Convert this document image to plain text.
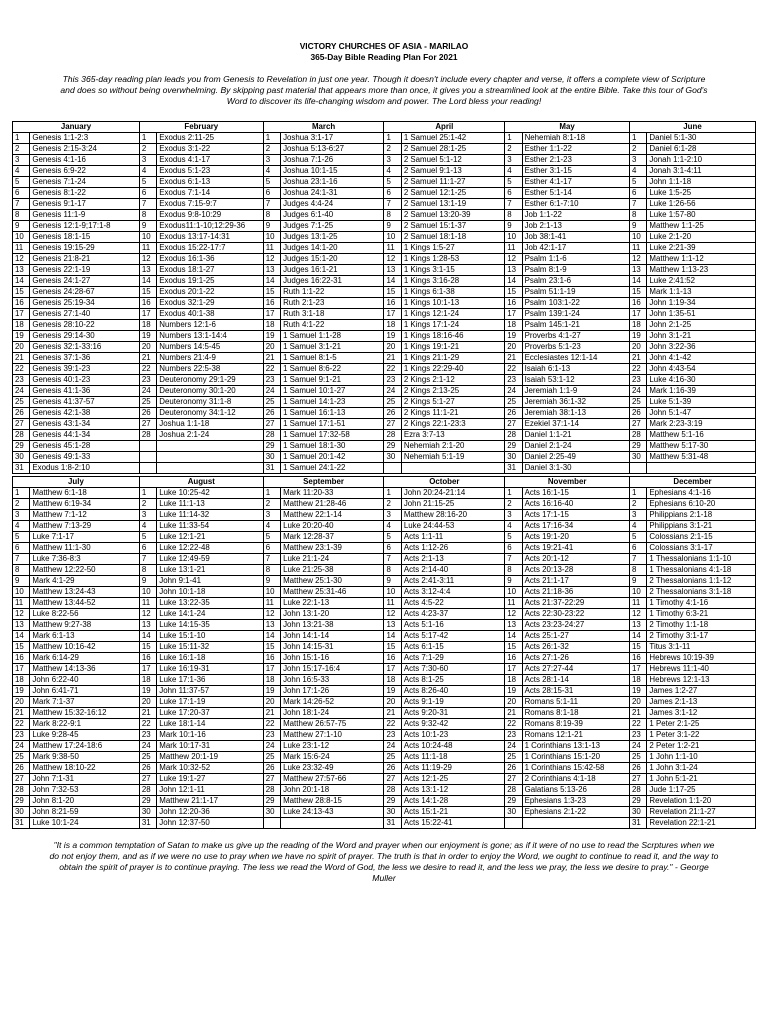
VICTORY CHURCHES OF ASIA - MARILAO
365-Day Bible Reading Plan For 2021
This 365-day reading plan leads you from Genesis to Revelation in just one year. Though it doesn't include every chapter and verse, it offers a complete view of Scripture and does so without being overwhelming. By skipping past material that appears more than once, it gives you a streamlined look at the entire Bible. Take this tour of God's Word to discover its life-changing wisdom and power. The Lord bless your reading!
January		February		March		April		May		June	
1	Genesis 1:1-2:3	1	Exodus 2:11-25	1	Joshua 3:1-17	1	1 Samuel 25:1-42	1	Nehemiah 8:1-18	1	Daniel 5:1-30
2	Genesis 2:15-3:24	2	Exodus 3:1-22	2	Joshua 5:13-6:27	2	2 Samuel 28:1-25	2	Esther 1:1-22	2	Daniel 6:1-28
3	Genesis 4:1-16	3	Exodus 4:1-17	3	Joshua 7:1-26	3	2 Samuel 5:1-12	3	Esther 2:1-23	3	Jonah 1:1-2:10
4	Genesis 6:9-22	4	Exodus 5:1-23	4	Joshua 10:1-15	4	2 Samuel 9:1-13	4	Esther 3:1-15	4	Jonah 3:1-4:11
5	Genesis 7:1-24	5	Exodus 6:1-13	5	Joshua 23:1-16	5	2 Samuel 11:1-27	5	Esther 4:1-17	5	John 1:1-18
6	Genesis 8:1-22	6	Exodus 7:1-14	6	Joshua 24:1-31	6	2 Samuel 12:1-25	6	Esther 5:1-14	6	Luke 1:5-25
7	Genesis 9:1-17	7	Exodus 7:15-9:7	7	Judges 4:4-24	7	2 Samuel 13:1-19	7	Esther 6:1-7:10	7	Luke 1:26-56
8	Genesis 11:1-9	8	Exodus 9:8-10:29	8	Judges 6:1-40	8	2 Samuel 13:20-39	8	Job 1:1-22	8	Luke 1:57-80
9	Genesis 12:1-9;17:1-8	9	Exodus11:1-10;12:29-36	9	Judges 7:1-25	9	2 Samuel 15:1-37	9	Job 2:1-13	9	Matthew 1:1-25
10	Genesis 18:1-15	10	Exodus 13:17-14:31	10	Judges 13:1-25	10	2 Samuel 18:1-18	10	Job 38:1-41	10	Luke 2:1-20
11	Genesis 19:15-29	11	Exodus 15:22-17:7	11	Judges 14:1-20	11	1 Kings 1:5-27	11	Job 42:1-17	11	Luke 2:21-39
12	Genesis 21:8-21	12	Exodus 16:1-36	12	Judges 15:1-20	12	1 Kings 1:28-53	12	Psalm 1:1-6	12	Matthew 1:1-12
13	Genesis 22:1-19	13	Exodus 18:1-27	13	Judges 16:1-21	13	1 Kings 3:1-15	13	Psalm 8:1-9	13	Matthew 1:13-23
14	Genesis 24:1-27	14	Exodus 19:1-25	14	Judges 16:22-31	14	1 Kings 3:16-28	14	Psalm 23:1-6	14	Luke 2:41:52
15	Genesis 24:28-67	15	Exodus 20:1-22	15	Ruth 1:1-22	15	1 Kings 6:1-38	15	Psalm 51:1-19	15	Mark 1:1-13
16	Genesis 25:19-34	16	Exodus 32:1-29	16	Ruth 2:1-23	16	1 Kings 10:1-13	16	Psalm 103:1-22	16	John 1:19-34
17	Genesis 27:1-40	17	Exodus 40:1-38	17	Ruth 3:1-18	17	1 Kings 12:1-24	17	Psalm 139:1-24	17	John 1:35-51
18	Genesis 28:10-22	18	Numbers 12:1-6	18	Ruth 4:1-22	18	1 Kings 17:1-24	18	Psalm 145:1-21	18	John 2:1-25
19	Genesis 29:14-30	19	Numbers 13:1-14:4	19	1 Samuel 1:1-28	19	1 Kings 18:16-46	19	Proverbs 4:1-27	19	John 3:1-21
20	Genesis 32:1-33:16	20	Numbers 14:5-45	20	1 Samuel 3:1-21	20	1 Kings 19:1-21	20	Proverbs 5:1-23	20	John 3:22-36
21	Genesis 37:1-36	21	Numbers 21:4-9	21	1 Samuel 8:1-5	21	1 Kings 21:1-29	21	Ecclesiastes 12:1-14	21	John 4:1-42
22	Genesis 39:1-23	22	Numbers 22:5-38	22	1 Samuel 8:6-22	22	1 Kings 22:29-40	22	Isaiah 6:1-13	22	John 4:43-54
23	Genesis 40:1-23	23	Deuteronomy 29:1-29	23	1 Samuel 9:1-21	23	2 Kings 2:1-12	23	Isaiah 53:1-12	23	Luke 4:16-30
24	Genesis 41:1-36	24	Deuteronomy 30:1-20	24	1 Samuel 10:1-27	24	2 Kings 2:13-25	24	Jeremiah 1:1-9	24	Mark 1:16-39
25	Genesis 41:37-57	25	Deuteronomy 31:1-8	25	1 Samuel 14:1-23	25	2 Kings 5:1-27	25	Jeremiah 36:1-32	25	Luke 5:1-39
26	Genesis 42:1-38	26	Deuteronomy 34:1-12	26	1 Samuel 16:1-13	26	2 Kings 11:1-21	26	Jeremiah 38:1-13	26	John 5:1-47
27	Genesis 43:1-34	27	Joshua 1:1-18	27	1 Samuel 17:1-51	27	2 Kings 22:1-23:3	27	Ezekiel 37:1-14	27	Mark 2:23-3:19
28	Genesis 44:1-34	28	Joshua 2:1-24	28	1 Samuel 17:32-58	28	Ezra 3:7-13	28	Daniel 1:1-21	28	Matthew 5:1-16
29	Genesis 45:1-28			29	1 Samuel 18:1-30	29	Nehemiah 2:1-20	29	Daniel 2:1-24	29	Matthew 5:17-30
30	Genesis 49:1-33			30	1 Samuel 20:1-42	30	Nehemiah 5:1-19	30	Daniel 2:25-49	30	Matthew 5:31-48
31	Exodus 1:8-2:10			31	1 Samuel 24:1-22			31	Daniel 3:1-30		
July		August		September		October		November		December	
1	Matthew 6:1-18	1	Luke 10:25-42	1	Mark 11:20-33	1	John 20:24-21:14	1	Acts 16:1-15	1	Ephesians 4:1-16
2	Matthew 6:19-34	2	Luke 11:1-13	2	Matthew 21:28-46	2	John 21:15-25	2	Acts 16:16-40	2	Ephesians 6:10-20
3	Matthew 7:1-12	3	Luke 11:14-32	3	Matthew 22:1-14	3	Matthew 28:16-20	3	Acts 17:1-15	3	Philippians 2:1-18
4	Matthew 7:13-29	4	Luke 11:33-54	4	Luke 20:20-40	4	Luke 24:44-53	4	Acts 17:16-34	4	Philippians 3:1-21
5	Luke 7:1-17	5	Luke 12:1-21	5	Mark 12:28-37	5	Acts 1:1-11	5	Acts 19:1-20	5	Colossians 2:1-15
6	Matthew 11:1-30	6	Luke 12:22-48	6	Matthew 23:1-39	6	Acts 1:12-26	6	Acts 19:21-41	6	Colossians 3:1-17
7	Luke 7:36-8:3	7	Luke 12:49-59	7	Luke 21:1-24	7	Acts 2:1-13	7	Acts 20:1-12	7	1 Thessalonians 1:1-10
8	Matthew 12:22-50	8	Luke 13:1-21	8	Luke 21:25-38	8	Acts 2:14-40	8	Acts 20:13-28	8	1 Thessalonians 4:1-18
9	Mark 4:1-29	9	John 9:1-41	9	Matthew 25:1-30	9	Acts 2:41-3:11	9	Acts 21:1-17	9	2 Thessalonians 1:1-12
10	Matthew 13:24-43	10	John 10:1-18	10	Matthew 25:31-46	10	Acts 3:12-4:4	10	Acts 21:18-36	10	2 Thessalonians 3:1-18
11	Matthew 13:44-52	11	Luke 13:22-35	11	Luke 22:1-13	11	Acts 4:5-22	11	Acts 21:37-22:29	11	1 Timothy 4:1-16
12	Luke 8:22-56	12	Luke 14:1-24	12	John 13:1-20	12	Acts 4:23-37	12	Acts 22:30-23:22	12	1 Timothy 6:3-21
13	Matthew 9:27-38	13	Luke 14:15-35	13	John 13:21-38	13	Acts 5:1-16	13	Acts 23:23-24:27	13	2 Timothy 1:1-18
14	Mark 6:1-13	14	Luke 15:1-10	14	John 14:1-14	14	Acts 5:17-42	14	Acts 25:1-27	14	2 Timothy 3:1-17
15	Matthew 10:16-42	15	Luke 15:11-32	15	John 14:15-31	15	Acts 6:1-15	15	Acts 26:1-32	15	Titus 3:1-11
16	Mark 6:14-29	16	Luke 16:1-18	16	John 15:1-16	16	Acts 7:1-29	16	Acts 27:1-26	16	Hebrews 10:19-39
17	Matthew 14:13-36	17	Luke 16:19-31	17	John 15:17-16:4	17	Acts 7:30-60	17	Acts 27:27-44	17	Hebrews 11:1-40
18	John 6:22-40	18	Luke 17:1-36	18	John 16:5-33	18	Acts 8:1-25	18	Acts 28:1-14	18	Hebrews 12:1-13
19	John 6:41-71	19	John 11:37-57	19	John 17:1-26	19	Acts 8:26-40	19	Acts 28:15-31	19	James 1:2-27
20	Mark 7:1-37	20	Luke 17:1-19	20	Mark 14:26-52	20	Acts 9:1-19	20	Romans 5:1-11	20	James 2:1-13
21	Matthew 15:32-16:12	21	Luke 17:20-37	21	John 18:1-24	21	Acts 9:20-31	21	Romans 8:1-18	21	James 3:1-12
22	Mark 8:22-9:1	22	Luke 18:1-14	22	Matthew 26:57-75	22	Acts 9:32-42	22	Romans 8:19-39	22	1 Peter 2:1-25
23	Luke 9:28-45	23	Mark 10:1-16	23	Matthew 27:1-10	23	Acts 10:1-23	23	Romans 12:1-21	23	1 Peter 3:1-22
24	Matthew 17:24-18:6	24	Mark 10:17-31	24	Luke 23:1-12	24	Acts 10:24-48	24	1 Corinthians 13:1-13	24	2 Peter 1:2-21
25	Mark 9:38-50	25	Matthew 20:1-19	25	Mark 15:6-24	25	Acts 11:1-18	25	1 Corinthians 15:1-20	25	1 John 1:1-10
26	Matthew 18:10-22	26	Mark 10:32-52	26	Luke 23:32-49	26	Acts 11:19-29	26	1 Corinthians 15:42-58	26	1 John 3:1-24
27	John 7:1-31	27	Luke 19:1-27	27	Matthew 27:57-66	27	Acts 12:1-25	27	2 Corinthians 4:1-18	27	1 John 5:1-21
28	John 7:32-53	28	John 12:1-11	28	John 20:1-18	28	Acts 13:1-12	28	Galatians 5:13-26	28	Jude 1:17-25
29	John 8:1-20	29	Matthew 21:1-17	29	Matthew 28:8-15	29	Acts 14:1-28	29	Ephesians 1:3-23	29	Revelation 1:1-20
30	John 8:21-59	30	John 12:20-36	30	Luke 24:13-43	30	Acts 15:1-21	30	Ephesians 2:1-22	30	Revelation 21:1-27
31	Luke 10:1-24	31	John 12:37-50			31	Acts 15:22-41			31	Revelation 22:1-21
"It is a common temptation of Satan to make us give up the reading of the Word and prayer when our enjoyment is gone; as if it were of no use to read the Scrptures when we do not enjoy them, and as if we were no use to pray when we have no spirit of prayer. The truth is that in order to enjoy the Word, we ought to continue to read it, and the way to obtain the spirit of prayer is to continue praying. The less we read the Word of God, the less we desire to read it, and the less we pray, the less we desire to pray." - George Muller
